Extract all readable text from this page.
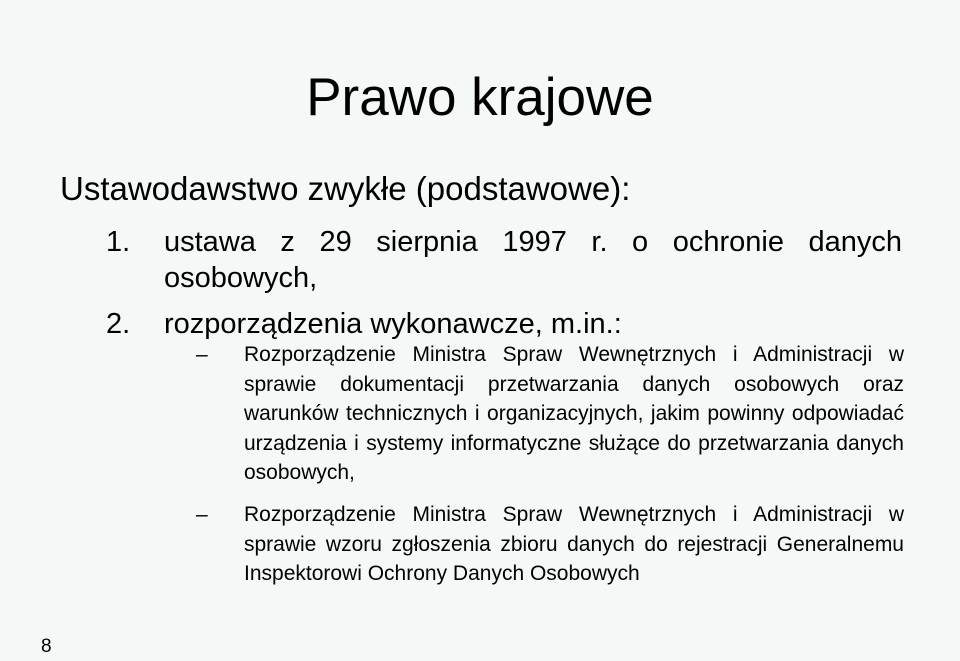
Prawo krajowe
Ustawodawstwo zwykłe (podstawowe):
1. ustawa z 29 sierpnia 1997 r. o ochronie danych osobowych,
2. rozporządzenia wykonawcze, m.in.:
– Rozporządzenie Ministra Spraw Wewnętrznych i Administracji w sprawie dokumentacji przetwarzania danych osobowych oraz warunków technicznych i organizacyjnych, jakim powinny odpowiadać urządzenia i systemy informatyczne służące do przetwarzania danych osobowych,
– Rozporządzenie Ministra Spraw Wewnętrznych i Administracji w sprawie wzoru zgłoszenia zbioru danych do rejestracji Generalnemu Inspektorowi Ochrony Danych Osobowych
8
